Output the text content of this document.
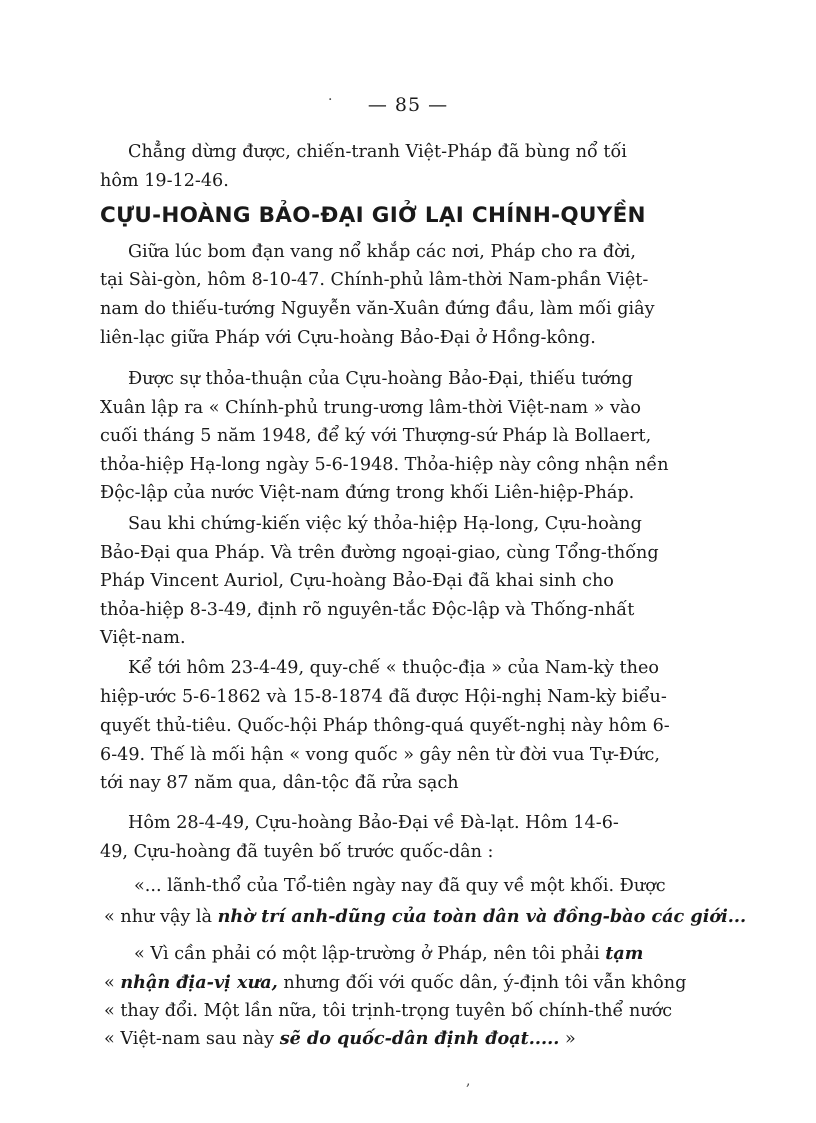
— 85 —
Chẳng dừng được, chiến-tranh Việt-Pháp đã bùng nổ tối
hôm 19-12-46.
CỰU-HOÀNG BẢO-ĐẠI GIỞ LẠI CHÍNH-QUYỀN
Giữa lúc bom đạn vang nổ khắp các nơi, Pháp cho ra đời,
tại Sài-gòn, hôm 8-10-47. Chính-phủ lâm-thời Nam-phần Việt-
nam do thiếu-tướng Nguyễn văn-Xuân đứng đầu, làm mối giây
liên-lạc giữa Pháp với Cựu-hoàng Bảo-Đại ở Hồng-kông.
Được sự thỏa-thuận của Cựu-hoàng Bảo-Đại, thiếu tướng
Xuân lập ra « Chính-phủ trung-ương lâm-thời Việt-nam » vào
cuối tháng 5 năm 1948, để ký với Thượng-sứ Pháp là Bollaert,
thỏa-hiệp Hạ-long ngày 5-6-1948. Thỏa-hiệp này công nhận nền
Độc-lập của nước Việt-nam đứng trong khối Liên-hiệp-Pháp.
Sau khi chứng-kiến việc ký thỏa-hiệp Hạ-long, Cựu-hoàng
Bảo-Đại qua Pháp. Và trên đường ngoại-giao, cùng Tổng-thống
Pháp Vincent Auriol, Cựu-hoàng Bảo-Đại đã khai sinh cho
thỏa-hiệp 8-3-49, định rõ nguyên-tắc Độc-lập và Thống-nhất
Việt-nam.
Kể tới hôm 23-4-49, quy-chế « thuộc-địa » của Nam-kỳ theo
hiệp-ước 5-6-1862 và 15-8-1874 đã được Hội-nghị Nam-kỳ biểu-
quyết thủ-tiêu. Quốc-hội Pháp thông-quá quyết-nghị này hôm 6-
6-49. Thế là mối hận « vong quốc » gây nên từ đời vua Tự-Đức,
tới nay 87 năm qua, dân-tộc đã rửa sạch
Hôm 28-4-49, Cựu-hoàng Bảo-Đại về Đà-lạt. Hôm 14-6-
49, Cựu-hoàng đã tuyên bố trước quốc-dân :
«... lãnh-thổ của Tổ-tiên ngày nay đã quy về một khối. Được
« như vậy là nhờ trí anh-dũng của toàn dân và đồng-bào các giới...
« Vì cần phải có một lập-trường ở Pháp, nên tôi phải tạm
« nhận địa-vị xưa, nhưng đối với quốc dân, ý-định tôi vẫn không
« thay đổi. Một lần nữa, tôi trịnh-trọng tuyên bố chính-thể nước
« Việt-nam sau này sẽ do quốc-dân định đoạt..... »
·
,
